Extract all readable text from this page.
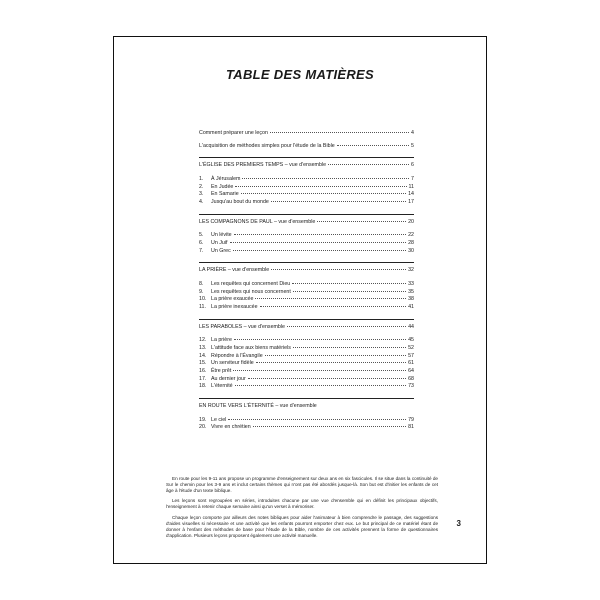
TABLE DES MATIÈRES
Comment préparer une leçon	4
L'acquisition de méthodes simples pour l'étude de la Bible	5
L'ÉGLISE DES PREMIERS TEMPS – vue d'ensemble	6
1.	À Jérusalem	7
2.	En Judée	11
3.	En Samarie	14
4.	Jusqu'au bout du monde	17
LES COMPAGNONS DE PAUL – vue d'ensemble	20
5.	Un lévite	22
6.	Un Juif	28
7.	Un Grec	30
LA PRIÈRE – vue d'ensemble	32
8.	Les requêtes qui concernent Dieu	33
9.	Les requêtes qui nous concernent	35
10. La prière exaucée	38
11. La prière inexaucée	41
LES PARABOLES – vue d'ensemble	44
12. La prière	45
13. L'attitude face aux biens matériels	52
14. Répondre à l'Évangile	57
15. Un serviteur fidèle	61
16. Être prêt	64
17. Au dernier jour	68
18. L'éternité	73
EN ROUTE VERS L'ÉTERNITÉ – vue d'ensemble
19. Le ciel	79
20. Vivre en chrétien	81

En route pour les 9-11 ans propose un programme d'enseignement sur deux ans en six fascicules. Il se situe dans la continuité de Sur le chemin pour les 3-9 ans et inclut certains thèmes qui n'ont pas été abordés jusque-là. Son but est d'initier les enfants de cet âge à l'étude d'un texte biblique.

Les leçons sont regroupées en séries, introduites chacune par une vue d'ensemble qui en définit les principaux objectifs, l'enseignement à retenir chaque semaine ainsi qu'un verset à mémoriser.

Chaque leçon comporte par ailleurs des notes bibliques pour aider l'animateur à bien comprendre le passage, des suggestions d'aides visuelles si nécessaire et une activité que les enfants pourront emporter chez eux. Le but principal de ce matériel étant de donner à l'enfant des méthodes de base pour l'étude de la Bible, nombre de ces activités prennent la forme de questionnaires d'application. Plusieurs leçons proposent également une activité manuelle.

3
